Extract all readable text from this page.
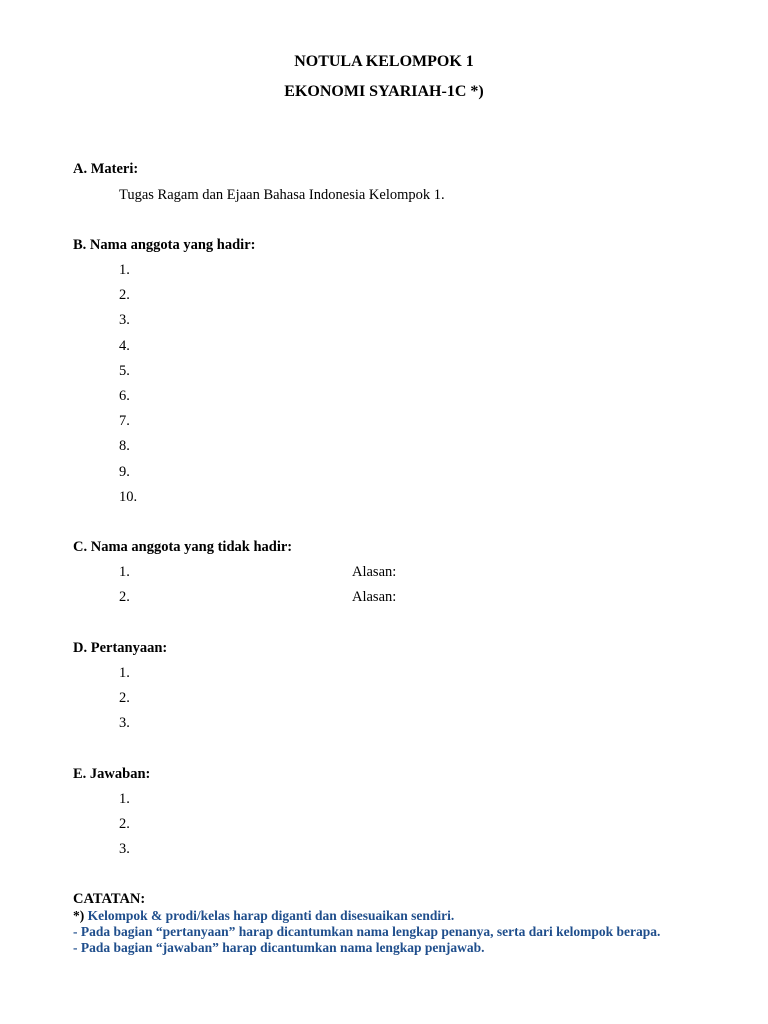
NOTULA KELOMPOK 1
EKONOMI SYARIAH-1C *)
A. Materi:
Tugas Ragam dan Ejaan Bahasa Indonesia Kelompok 1.
B. Nama anggota yang hadir:
1.
2.
3.
4.
5.
6.
7.
8.
9.
10.
C. Nama anggota yang tidak hadir:
1.	Alasan:
2.	Alasan:
D. Pertanyaan:
1.
2.
3.
E. Jawaban:
1.
2.
3.
CATATAN:
*) Kelompok & prodi/kelas harap diganti dan disesuaikan sendiri.
- Pada bagian “pertanyaan” harap dicantumkan nama lengkap penanya, serta dari kelompok berapa.
- Pada bagian “jawaban” harap dicantumkan nama lengkap penjawab.
